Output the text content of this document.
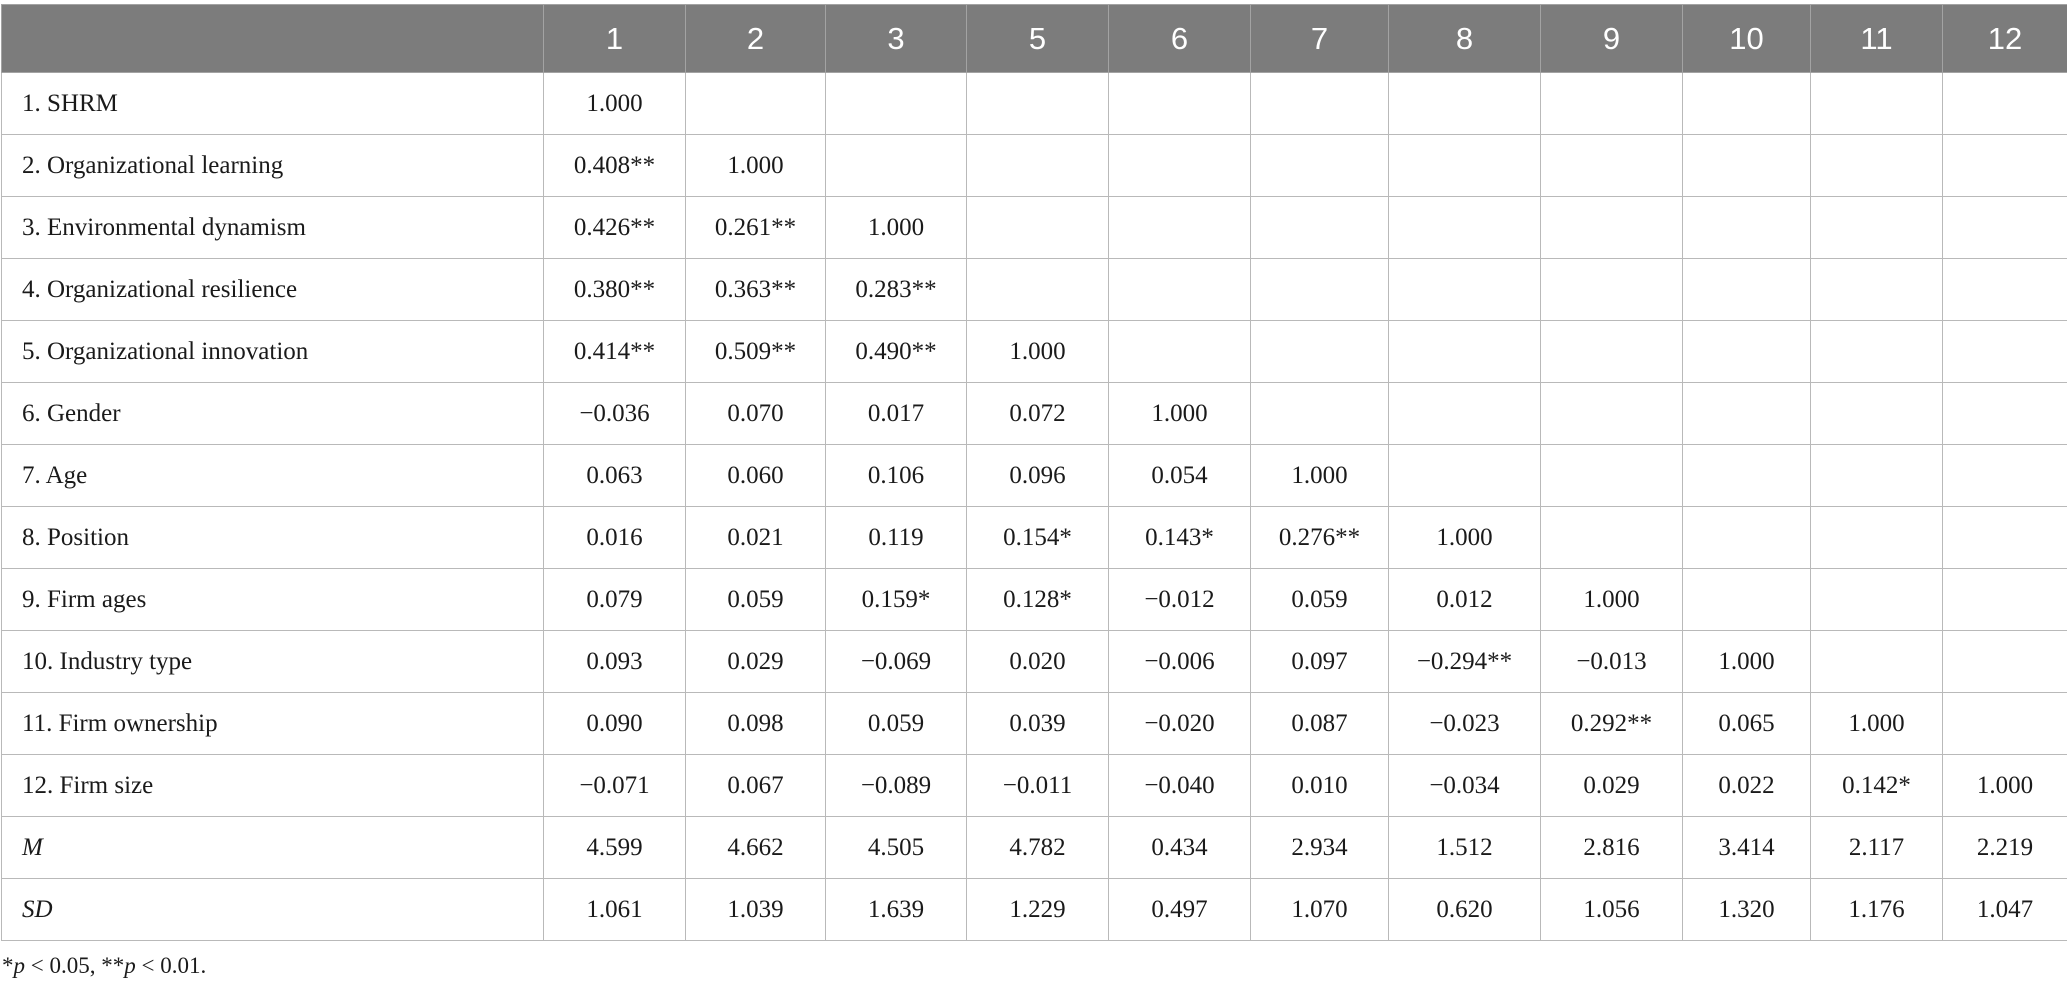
	1	2	3	5	6	7	8	9	10	11	12
1. SHRM	1.000										
2. Organizational learning	0.408**	1.000									
3. Environmental dynamism	0.426**	0.261**	1.000								
4. Organizational resilience	0.380**	0.363**	0.283**								
5. Organizational innovation	0.414**	0.509**	0.490**	1.000							
6. Gender	−0.036	0.070	0.017	0.072	1.000						
7. Age	0.063	0.060	0.106	0.096	0.054	1.000					
8. Position	0.016	0.021	0.119	0.154*	0.143*	0.276**	1.000				
9. Firm ages	0.079	0.059	0.159*	0.128*	−0.012	0.059	0.012	1.000			
10. Industry type	0.093	0.029	−0.069	0.020	−0.006	0.097	−0.294**	−0.013	1.000		
11. Firm ownership	0.090	0.098	0.059	0.039	−0.020	0.087	−0.023	0.292**	0.065	1.000	
12. Firm size	−0.071	0.067	−0.089	−0.011	−0.040	0.010	−0.034	0.029	0.022	0.142*	1.000
M	4.599	4.662	4.505	4.782	0.434	2.934	1.512	2.816	3.414	2.117	2.219
SD	1.061	1.039	1.639	1.229	0.497	1.070	0.620	1.056	1.320	1.176	1.047
*p < 0.05, **p < 0.01.
